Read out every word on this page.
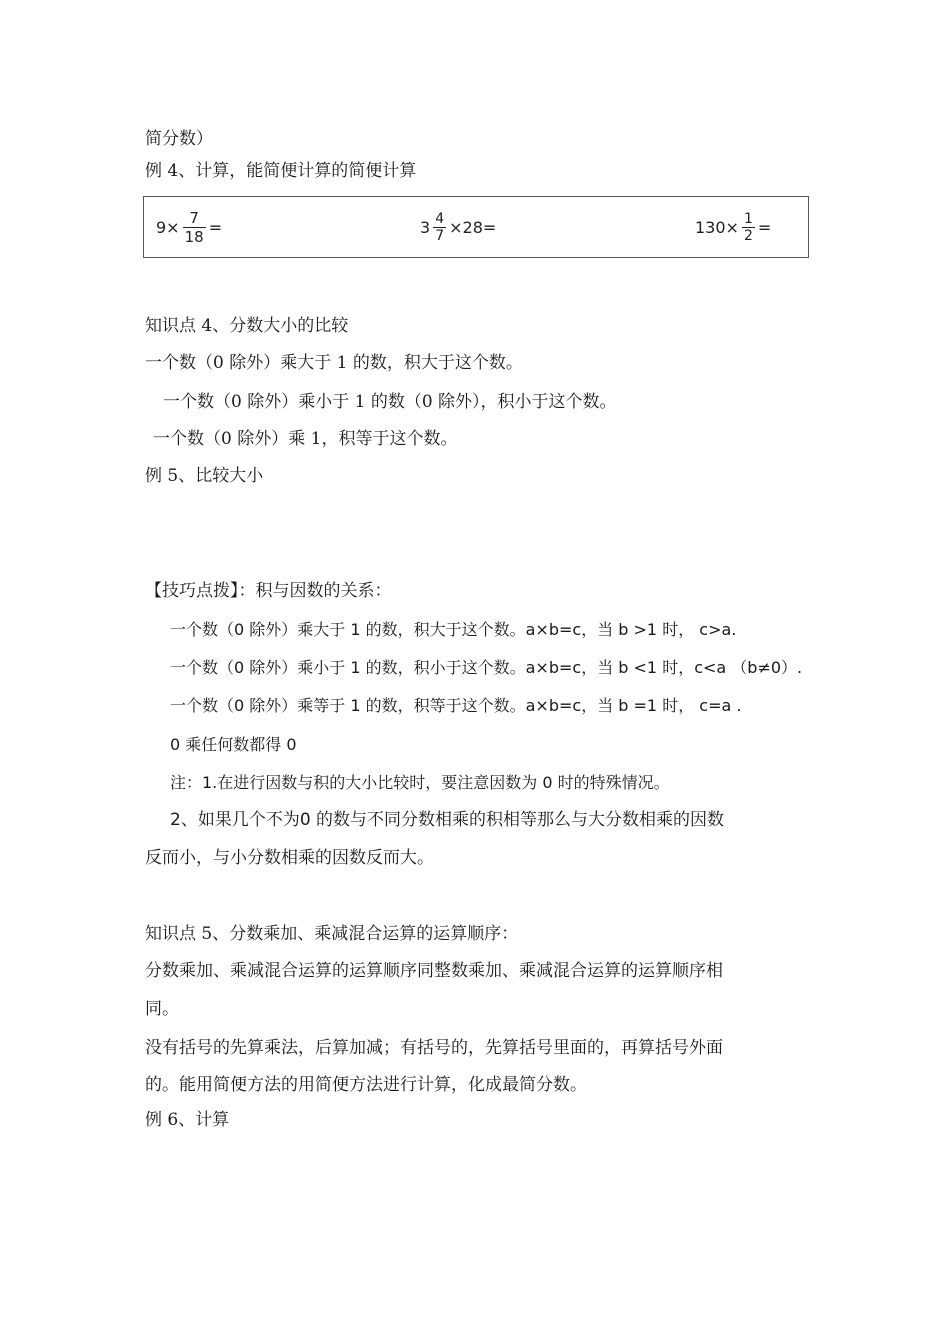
简分数）
例 4、计算，能简便计算的简便计算
$9\times \frac{7}{18}$ =	$3 \frac{4}{7} \times 28=$	$130\times \frac{1}{2}$ =
知识点 4、分数大小的比较
一个数（0 除外）乘大于 1 的数，积大于这个数。
一个数（0 除外）乘小于 1 的数（0 除外），积小于这个数。
一个数（0 除外）乘 1，积等于这个数。
例 5、比较大小
【技巧点拨】：积与因数的关系：
一个数（0 除外）乘大于 1 的数，积大于这个数。a×b=c，当 b >1 时， c>a.
一个数（0 除外）乘小于 1 的数，积小于这个数。a×b=c，当 b <1 时，c<a （b≠0）.
一个数（0 除外）乘等于 1 的数，积等于这个数。a×b=c，当 b =1 时， c=a .
0 乘任何数都得 0
注：1.在进行因数与积的大小比较时，要注意因数为 0 时的特殊情况。
2、如果几个不为0 的数与不同分数相乘的积相等那么与大分数相乘的因数
反而小，与小分数相乘的因数反而大。
知识点 5、分数乘加、乘减混合运算的运算顺序：
分数乘加、乘减混合运算的运算顺序同整数乘加、乘减混合运算的运算顺序相
同。
没有括号的先算乘法，后算加减；有括号的，先算括号里面的，再算括号外面
的。能用简便方法的用简便方法进行计算，化成最简分数。
例 6、计算
